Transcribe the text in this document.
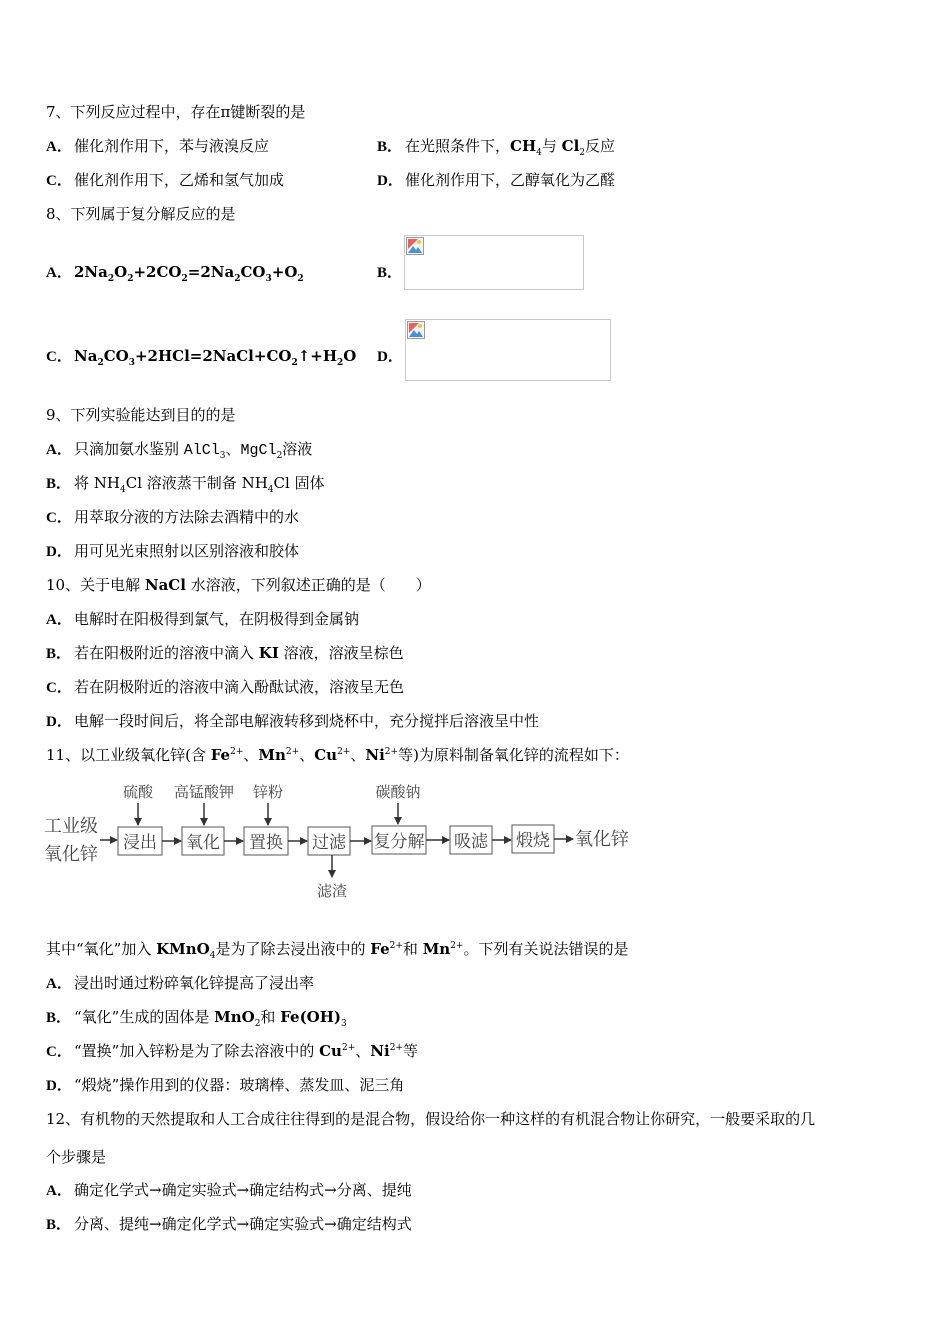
7、下列反应过程中，存在π键断裂的是
A． 催化剂作用下，苯与液溴反应	B． 在光照条件下，$CH_4$与 $Cl_2$反应
C． 催化剂作用下，乙烯和氢气加成	D． 催化剂作用下，乙醇氧化为乙醛
8、下列属于复分解反应的是
A． $2Na_2O_2+2CO_2=2Na_2CO_3+O_2$	B．
C． $Na_2CO_3+2HCl=2NaCl+CO_2↑+H_2O$ D．
9、下列实验能达到目的的是
A． 只滴加氨水鉴别 AlCl$_3$、MgCl$_2$溶液
B． 将 $NH_4Cl$ 溶液蒸干制备 $NH_4Cl$ 固体
C． 用萃取分液的方法除去酒精中的水
D． 用可见光束照射以区别溶液和胶体
10、关于电解 NaCl 水溶液，下列叙述正确的是（　　）
A． 电解时在阳极得到氯气，在阴极得到金属钠
B． 若在阳极附近的溶液中滴入 KI 溶液，溶液呈棕色
C． 若在阴极附近的溶液中滴入酚酞试液，溶液呈无色
D． 电解一段时间后，将全部电解液转移到烧杯中，充分搅拌后溶液呈中性
11、以工业级氧化锌(含 $Fe^{2+}$、$Mn^{2+}$、$Cu^{2+}$、$Ni^{2+}$等)为原料制备氧化锌的流程如下：
工业级
氧化锌
浸出
硫酸
氧化
高锰酸钾
置换
锌粉
过滤
滤渣
复分解
碳酸钠
吸滤 煅烧 氧化锌
其中“氧化”加入 KMnO$_4$是为了除去浸出液中的 $Fe^{2+}$和 $Mn^{2+}$。下列有关说法错误的是
A． 浸出时通过粉碎氧化锌提高了浸出率
B． “氧化”生成的固体是 MnO$_2$和 $Fe(OH)_3$
C． “置换”加入锌粉是为了除去溶液中的 $Cu^{2+}$、$Ni^{2+}$等
D． “煅烧”操作用到的仪器：玻璃棒、蒸发皿、泥三角
12、有机物的天然提取和人工合成往往得到的是混合物，假设给你一种这样的有机混合物让你研究，一般要采取的几
个步骤是
A． 确定化学式→确定实验式→确定结构式→分离、提纯
B． 分离、提纯→确定化学式→确定实验式→确定结构式
